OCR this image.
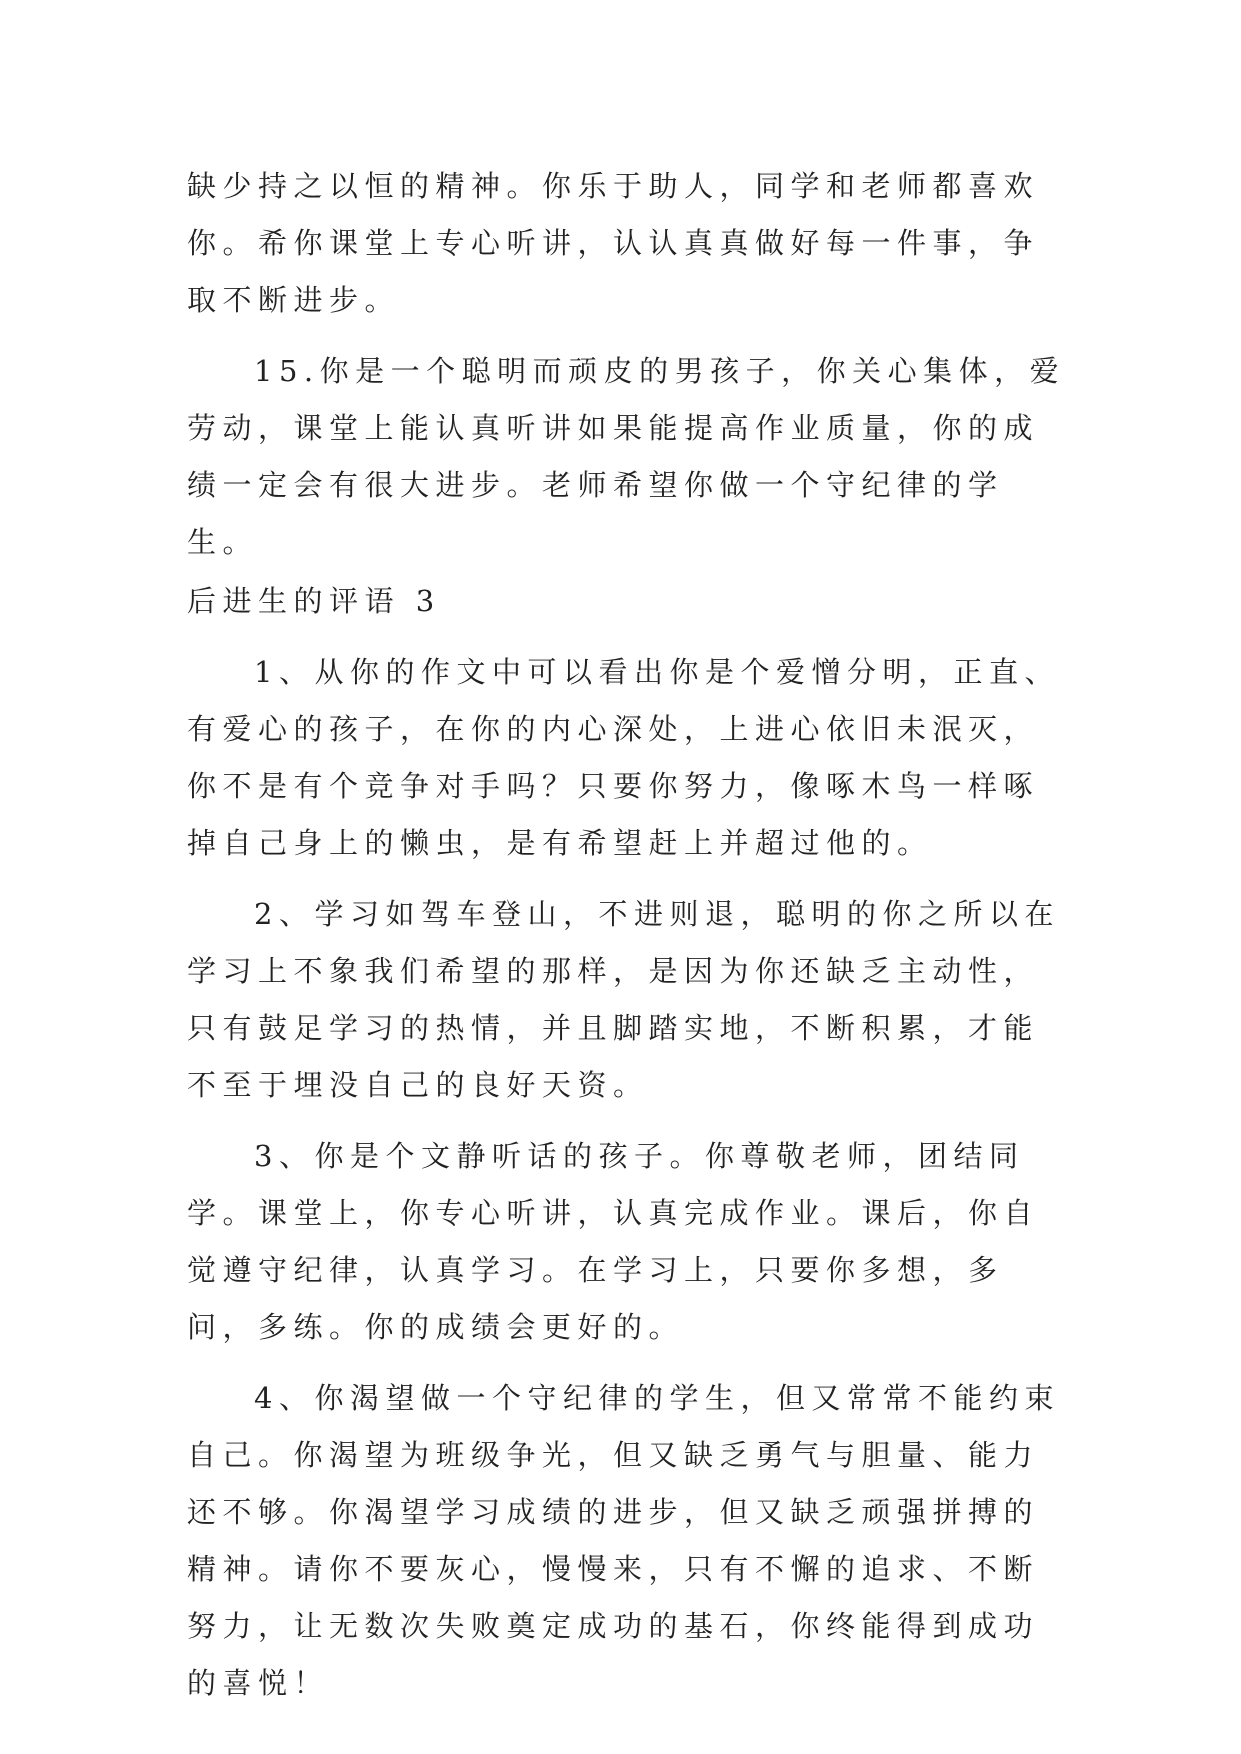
缺少持之以恒的精神。你乐于助人，同学和老师都喜欢你。希你课堂上专心听讲，认认真真做好每一件事，争取不断进步。

15.你是一个聪明而顽皮的男孩子，你关心集体，爱劳动，课堂上能认真听讲如果能提高作业质量，你的成绩一定会有很大进步。老师希望你做一个守纪律的学生。

后进生的评语 3

1、从你的作文中可以看出你是个爱憎分明，正直、有爱心的孩子，在你的内心深处，上进心依旧未泯灭，你不是有个竞争对手吗？只要你努力，像啄木鸟一样啄掉自己身上的懒虫，是有希望赶上并超过他的。

2、学习如驾车登山，不进则退，聪明的你之所以在学习上不象我们希望的那样，是因为你还缺乏主动性，只有鼓足学习的热情，并且脚踏实地，不断积累，才能不至于埋没自己的良好天资。

3、你是个文静听话的孩子。你尊敬老师，团结同学。课堂上，你专心听讲，认真完成作业。课后，你自觉遵守纪律，认真学习。在学习上，只要你多想，多问，多练。你的成绩会更好的。

4、你渴望做一个守纪律的学生，但又常常不能约束自己。你渴望为班级争光，但又缺乏勇气与胆量、能力还不够。你渴望学习成绩的进步，但又缺乏顽强拼搏的精神。请你不要灰心，慢慢来，只有不懈的追求、不断努力，让无数次失败奠定成功的基石，你终能得到成功的喜悦！
